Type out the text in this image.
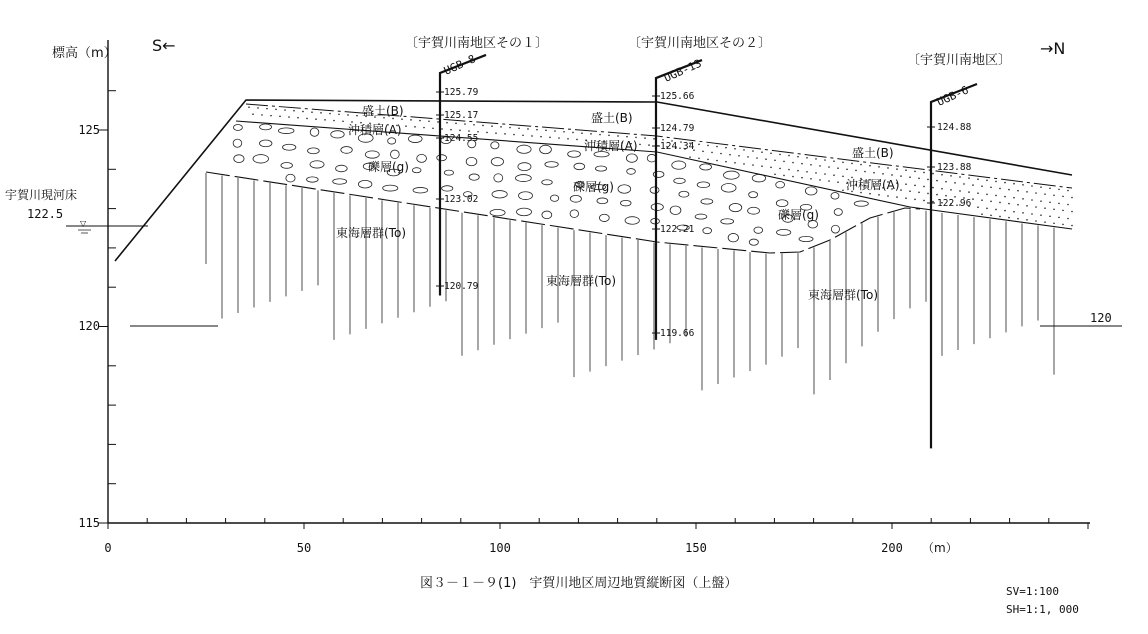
標高（m）
125
120
115
0	50	100	150	200 （m）
120
S←	→N
宇賀川現河床
122.5
▽
〔宇賀川南地区その１〕	〔宇賀川南地区その２〕
〔宇賀川南地区〕
UGB-8
125.79
125.17
124.55
123.02
120.79
UGB-13
125.66
124.79
124.34
122.21
119.66
UGB-6
124.88
123.88
122.96
盛土(B)
沖積層(A)
礫層(g)
東海層群(To)
盛土(B)
沖積層(A)
礫層(g)
東海層群(To)
盛土(B)
沖積層(A)
礫層(g)
東海層群(To)
図３－１－９(1)　宇賀川地区周辺地質縦断図（上盤）
SV=1:100
SH=1:1, 000
